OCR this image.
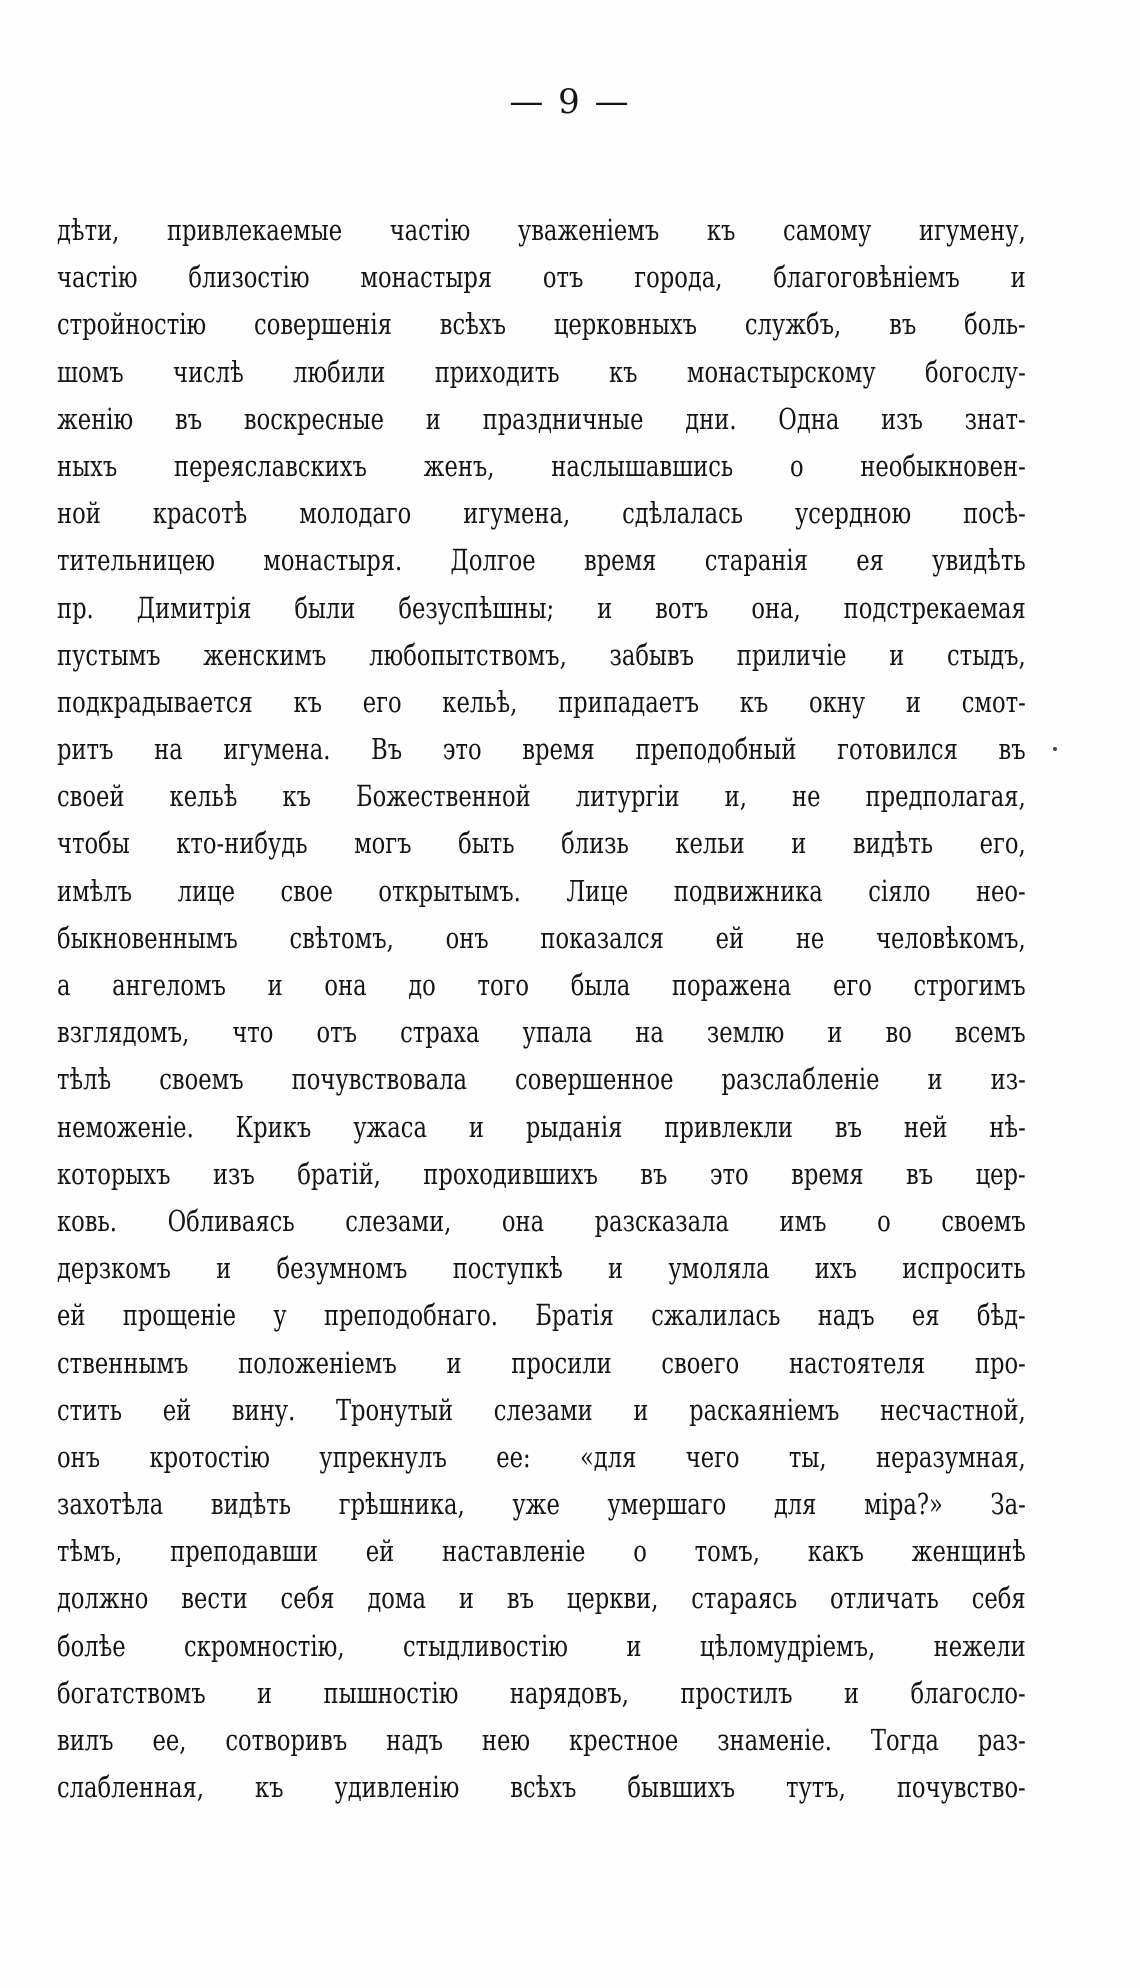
— 9 —
дѣти, привлекаемые частію уваженіемъ къ самому игумену,
частію близостію монастыря отъ города, благоговѣніемъ и
стройностію совершенія всѣхъ церковныхъ службъ, въ боль-
шомъ числѣ любили приходить къ монастырскому богослу-
женію въ воскресные и праздничные дни. Одна изъ знат-
ныхъ переяславскихъ женъ, наслышавшись о необыкновен-
ной красотѣ молодаго игумена, сдѣлалась усердною посѣ-
тительницею монастыря. Долгое время старанія ея увидѣть
пр. Димитрія были безуспѣшны; и вотъ она, подстрекаемая
пустымъ женскимъ любопытствомъ, забывъ приличіе и стыдъ,
подкрадывается къ его кельѣ, припадаетъ къ окну и смот-
ритъ на игумена. Въ это время преподобный готовился въ
своей кельѣ къ Божественной литургіи и, не предполагая,
чтобы кто-нибудь могъ быть близь кельи и видѣть его,
имѣлъ лице свое открытымъ. Лице подвижника сіяло нео-
быкновеннымъ свѣтомъ, онъ показался ей не человѣкомъ,
а ангеломъ и она до того была поражена его строгимъ
взглядомъ, что отъ страха упала на землю и во всемъ
тѣлѣ своемъ почувствовала совершенное разслабленіе и из-
неможеніе. Крикъ ужаса и рыданія привлекли въ ней нѣ-
которыхъ изъ братій, проходившихъ въ это время въ цер-
ковь. Обливаясь слезами, она разсказала имъ о своемъ
дерзкомъ и безумномъ поступкѣ и умоляла ихъ испросить
ей прощеніе у преподобнаго. Братія сжалилась надъ ея бѣд-
ственнымъ положеніемъ и просили своего настоятеля про-
стить ей вину. Тронутый слезами и раскаяніемъ несчастной,
онъ кротостію упрекнулъ ее: «для чего ты, неразумная,
захотѣла видѣть грѣшника, уже умершаго для міра?» За-
тѣмъ, преподавши ей наставленіе о томъ, какъ женщинѣ
должно вести себя дома и въ церкви, стараясь отличать себя
болѣе скромностію, стыдливостію и цѣломудріемъ, нежели
богатствомъ и пышностію нарядовъ, простилъ и благосло-
вилъ ее, сотворивъ надъ нею крестное знаменіе. Тогда раз-
слабленная, къ удивленію всѣхъ бывшихъ тутъ, почувство-
